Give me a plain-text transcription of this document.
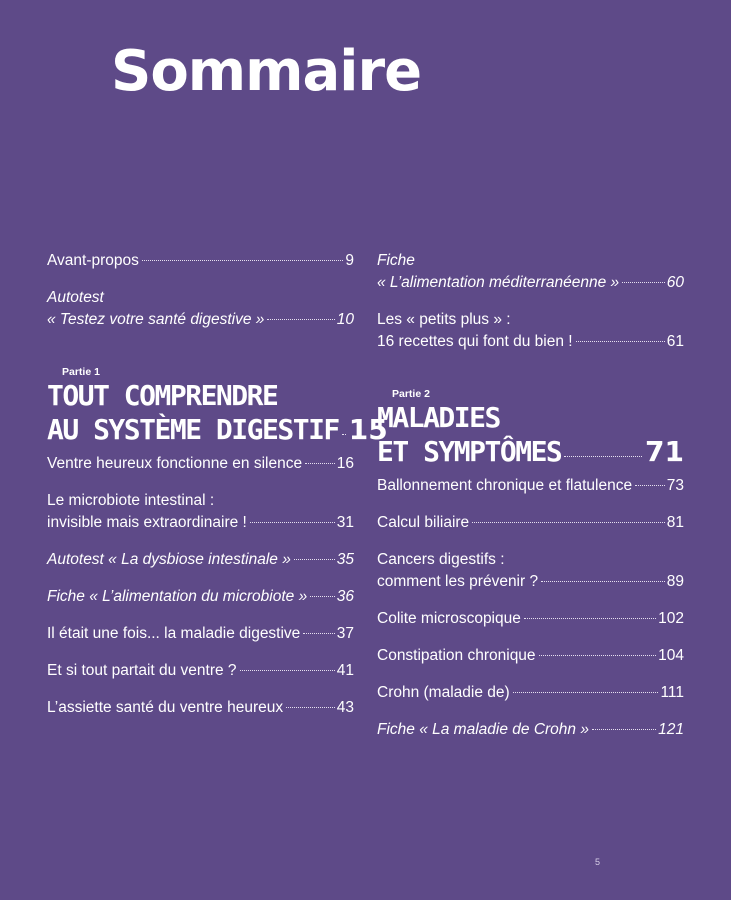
Sommaire
Avant-propos	9
Autotest
« Testez votre santé digestive »	10
Partie 1
TOUT COMPRENDRE
AU SYSTÈME DIGESTIF 15
Ventre heureux fonctionne en silence 16
Le microbiote intestinal :
invisible mais extraordinaire !	31
Autotest « La dysbiose intestinale »	35
Fiche « L’alimentation du microbiote » 36
Il était une fois... la maladie digestive 37
Et si tout partait du ventre ?	41
L’assiette santé du ventre heureux	43
Fiche
« L’alimentation méditerranéenne »	60
Les « petits plus » :
16 recettes qui font du bien !	61
Partie 2
MALADIES
ET SYMPTÔMES	71
Ballonnement chronique et flatulence 73
Calcul biliaire	81
Cancers digestifs :
comment les prévenir ?	89
Colite microscopique	102
Constipation chronique	104
Crohn (maladie de)	111
Fiche « La maladie de Crohn »	121
5
